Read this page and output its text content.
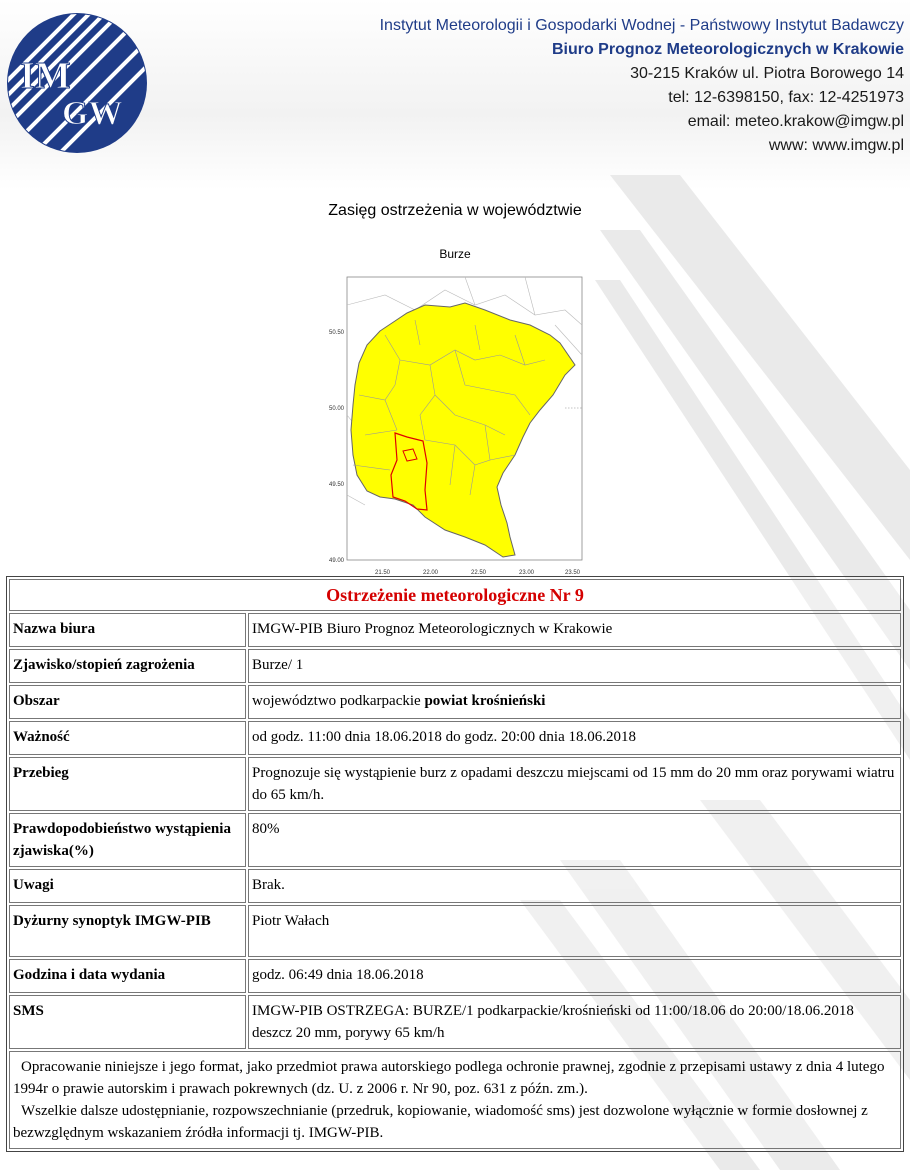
IM
GW
Instytut Meteorologii i Gospodarki Wodnej - Państwowy Instytut Badawczy
Biuro Prognoz Meteorologicznych w Krakowie
30-215 Kraków ul. Piotra Borowego 14
tel: 12-6398150, fax: 12-4251973
email: meteo.krakow@imgw.pl
www: www.imgw.pl
Zasięg ostrzeżenia w województwie
Burze
50.50
50.00
49.50
49.00
21.50	22.00	22.50	23.00	23.50
Ostrzeżenie meteorologiczne Nr 9	
Nazwa biura	IMGW-PIB Biuro Prognoz Meteorologicznych w Krakowie
Zjawisko/stopień zagrożenia	Burze/ 1
Obszar	województwo podkarpackie powiat krośnieński
Ważność	od godz. 11:00 dnia 18.06.2018 do godz. 20:00 dnia 18.06.2018
Przebieg	Prognozuje się wystąpienie burz z opadami deszczu miejscami od 15 mm do 20 mm oraz porywami wiatru do 65 km/h.
Prawdopodobieństwo wystąpienia zjawiska(%)	80%
Uwagi	Brak.
Dyżurny synoptyk IMGW-PIB	Piotr Wałach
Godzina i data wydania	godz. 06:49 dnia 18.06.2018
SMS	IMGW-PIB OSTRZEGA: BURZE/1 podkarpackie/krośnieński od 11:00/18.06 do 20:00/18.06.2018 deszcz 20 mm, porywy 65 km/h

Opracowanie niniejsze i jego format, jako przedmiot prawa autorskiego podlega ochronie prawnej, zgodnie z przepisami ustawy z dnia 4 lutego 1994r o prawie autorskim i prawach pokrewnych (dz. U. z 2006 r. Nr 90, poz. 631 z późn. zm.).
Wszelkie dalsze udostępnianie, rozpowszechnianie (przedruk, kopiowanie, wiadomość sms) jest dozwolone wyłącznie w formie dosłownej z bezwzględnym wskazaniem źródła informacji tj. IMGW-PIB.	
